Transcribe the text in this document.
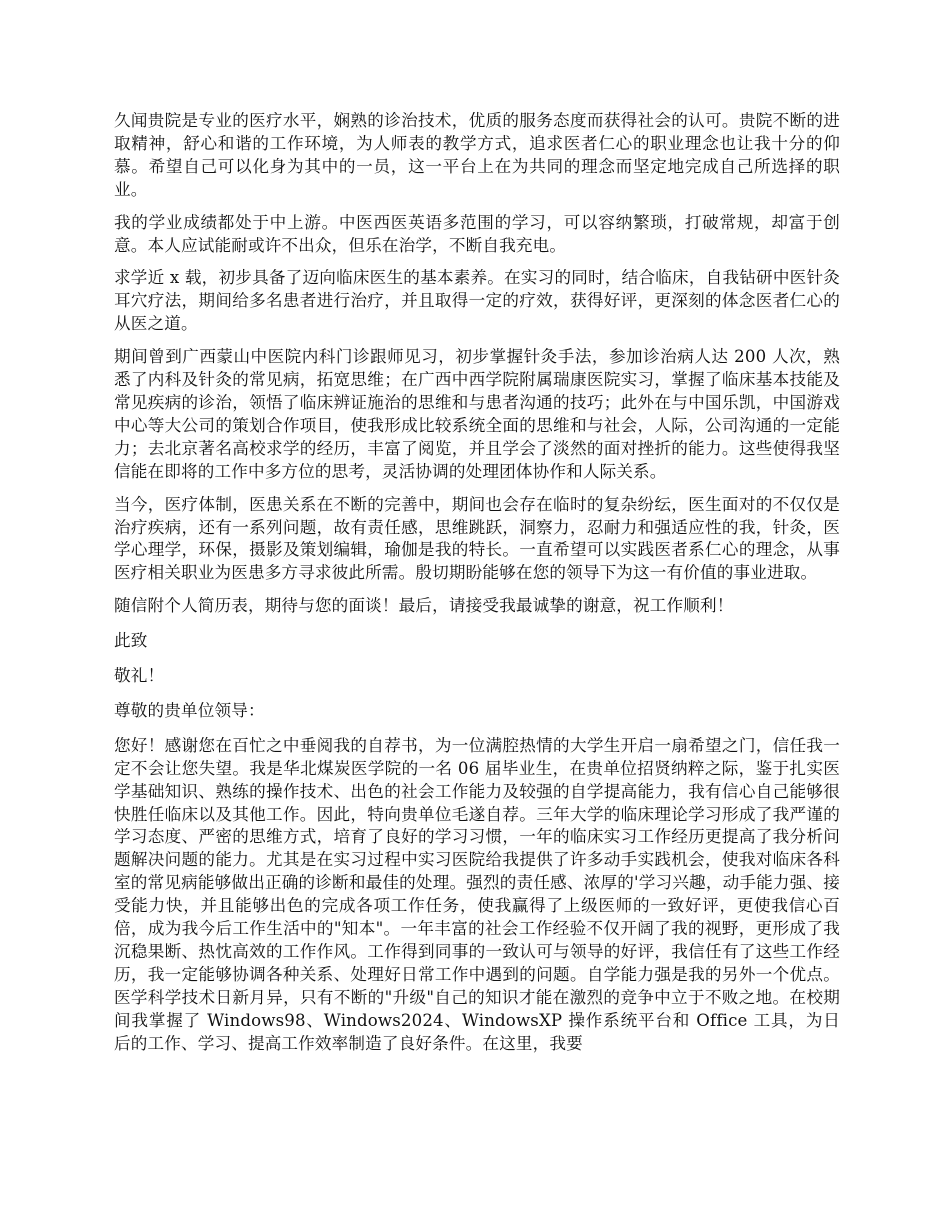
久闻贵院是专业的医疗水平，娴熟的诊治技术，优质的服务态度而获得社会的认可。贵院不断的进取精神，舒心和谐的工作环境，为人师表的教学方式，追求医者仁心的职业理念也让我十分的仰慕。希望自己可以化身为其中的一员，这一平台上在为共同的理念而坚定地完成自己所选择的职业。

我的学业成绩都处于中上游。中医西医英语多范围的学习，可以容纳繁琐，打破常规，却富于创意。本人应试能耐或许不出众，但乐在治学，不断自我充电。

求学近 x 载，初步具备了迈向临床医生的基本素养。在实习的同时，结合临床，自我钻研中医针灸耳穴疗法，期间给多名患者进行治疗，并且取得一定的疗效，获得好评，更深刻的体念医者仁心的从医之道。

期间曾到广西蒙山中医院内科门诊跟师见习，初步掌握针灸手法，参加诊治病人达 200 人次，熟悉了内科及针灸的常见病，拓宽思维；在广西中西学院附属瑞康医院实习，掌握了临床基本技能及常见疾病的诊治，领悟了临床辨证施治的思维和与患者沟通的技巧；此外在与中国乐凯，中国游戏中心等大公司的策划合作项目，使我形成比较系统全面的思维和与社会，人际，公司沟通的一定能力；去北京著名高校求学的经历，丰富了阅览，并且学会了淡然的面对挫折的能力。这些使得我坚信能在即将的工作中多方位的思考，灵活协调的处理团体协作和人际关系。

当今，医疗体制，医患关系在不断的完善中，期间也会存在临时的复杂纷纭，医生面对的不仅仅是治疗疾病，还有一系列问题，故有责任感，思维跳跃，洞察力，忍耐力和强适应性的我，针灸，医学心理学，环保，摄影及策划编辑，瑜伽是我的特长。一直希望可以实践医者系仁心的理念，从事医疗相关职业为医患多方寻求彼此所需。殷切期盼能够在您的领导下为这一有价值的事业进取。

随信附个人简历表，期待与您的面谈！最后，请接受我最诚挚的谢意，祝工作顺利！

此致

敬礼！

尊敬的贵单位领导：

您好！感谢您在百忙之中垂阅我的自荐书，为一位满腔热情的大学生开启一扇希望之门，信任我一定不会让您失望。我是华北煤炭医学院的一名 06 届毕业生，在贵单位招贤纳粹之际，鉴于扎实医学基础知识、熟练的操作技术、出色的社会工作能力及较强的自学提高能力，我有信心自己能够很快胜任临床以及其他工作。因此，特向贵单位毛遂自荐。三年大学的临床理论学习形成了我严谨的学习态度、严密的思维方式，培育了良好的学习习惯，一年的临床实习工作经历更提高了我分析问题解决问题的能力。尤其是在实习过程中实习医院给我提供了许多动手实践机会，使我对临床各科室的常见病能够做出正确的诊断和最佳的处理。强烈的责任感、浓厚的'学习兴趣，动手能力强、接受能力快，并且能够出色的完成各项工作任务，使我赢得了上级医师的一致好评，更使我信心百倍，成为我今后工作生活中的"知本"。一年丰富的社会工作经验不仅开阔了我的视野，更形成了我沉稳果断、热忱高效的工作作风。工作得到同事的一致认可与领导的好评，我信任有了这些工作经历，我一定能够协调各种关系、处理好日常工作中遇到的问题。自学能力强是我的另外一个优点。医学科学技术日新月异，只有不断的"升级"自己的知识才能在激烈的竞争中立于不败之地。在校期间我掌握了 Windows98、Windows2024、WindowsXP 操作系统平台和 Office 工具，为日后的工作、学习、提高工作效率制造了良好条件。在这里，我要
